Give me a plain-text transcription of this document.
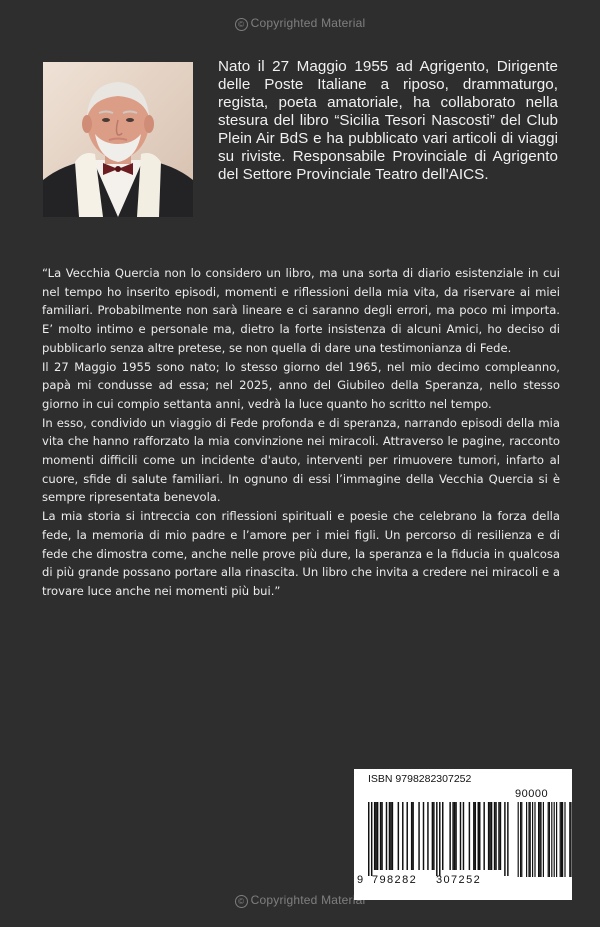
© Copyrighted Material

Nato il 27 Maggio 1955 ad Agrigento, Dirigente delle Poste Italiane a riposo, drammaturgo, regista, poeta amatoriale, ha collaborato nella stesura del libro “Sicilia Tesori Nascosti” del Club Plein Air BdS e ha pubblicato vari articoli di viaggi su riviste. Responsabile Provinciale di Agrigento del Settore Provinciale Teatro dell'AICS.

“La Vecchia Quercia non lo considero un libro, ma una sorta di diario esistenziale in cui nel tempo ho inserito episodi, momenti e riflessioni della mia vita, da riservare ai miei familiari. Probabilmente non sarà lineare e ci saranno degli errori, ma poco mi importa. E’ molto intimo e personale ma, dietro la forte insistenza di alcuni Amici, ho deciso di pubblicarlo senza altre pretese, se non quella di dare una testimonianza di Fede.

Il 27 Maggio 1955 sono nato; lo stesso giorno del 1965, nel mio decimo compleanno, papà mi condusse ad essa; nel 2025, anno del Giubileo della Speranza, nello stesso giorno in cui compio settanta anni, vedrà la luce quanto ho scritto nel tempo.

In esso, condivido un viaggio di Fede profonda e di speranza, narrando episodi della mia vita che hanno rafforzato la mia convinzione nei miracoli. Attraverso le pagine, racconto momenti difficili come un incidente d'auto, interventi per rimuovere tumori, infarto al cuore, sfide di salute familiari. In ognuno di essi l’immagine della Vecchia Quercia si è sempre ripresentata benevola.

La mia storia si intreccia con riflessioni spirituali e poesie che celebrano la forza della fede, la memoria di mio padre e l’amore per i miei figli. Un percorso di resilienza e di fede che dimostra come, anche nelle prove più dure, la speranza e la fiducia in qualcosa di più grande possano portare alla rinascita. Un libro che invita a credere nei miracoli e a trovare luce anche nei momenti più bui.”

ISBN 9798282307252
90000
9 798282 307252
© Copyrighted Material
